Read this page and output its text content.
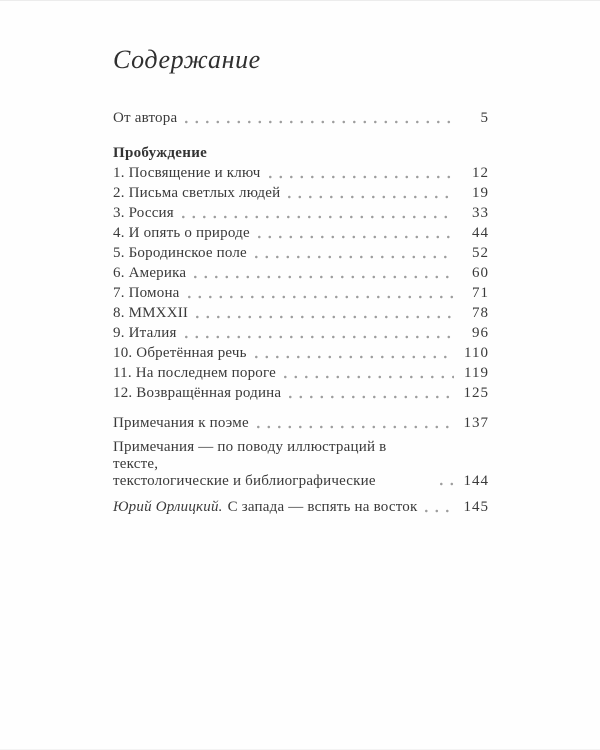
Содержание
От автора	5
Пробуждение
1. Посвящение и ключ	12
2. Письма светлых людей	19
3. Россия	33
4. И опять о природе	44
5. Бородинское поле	52
6. Америка	60
7. Помона	71
8. MMXXII	78
9. Италия	96
10. Обретённая речь	110
11. На последнем пороге	119
12. Возвращённая родина	125
Примечания к поэме	137
Примечания — по поводу иллюстраций в тексте,
текстологические и библиографические	144
Юрий Орлицкий. С запада — вспять на восток	145
